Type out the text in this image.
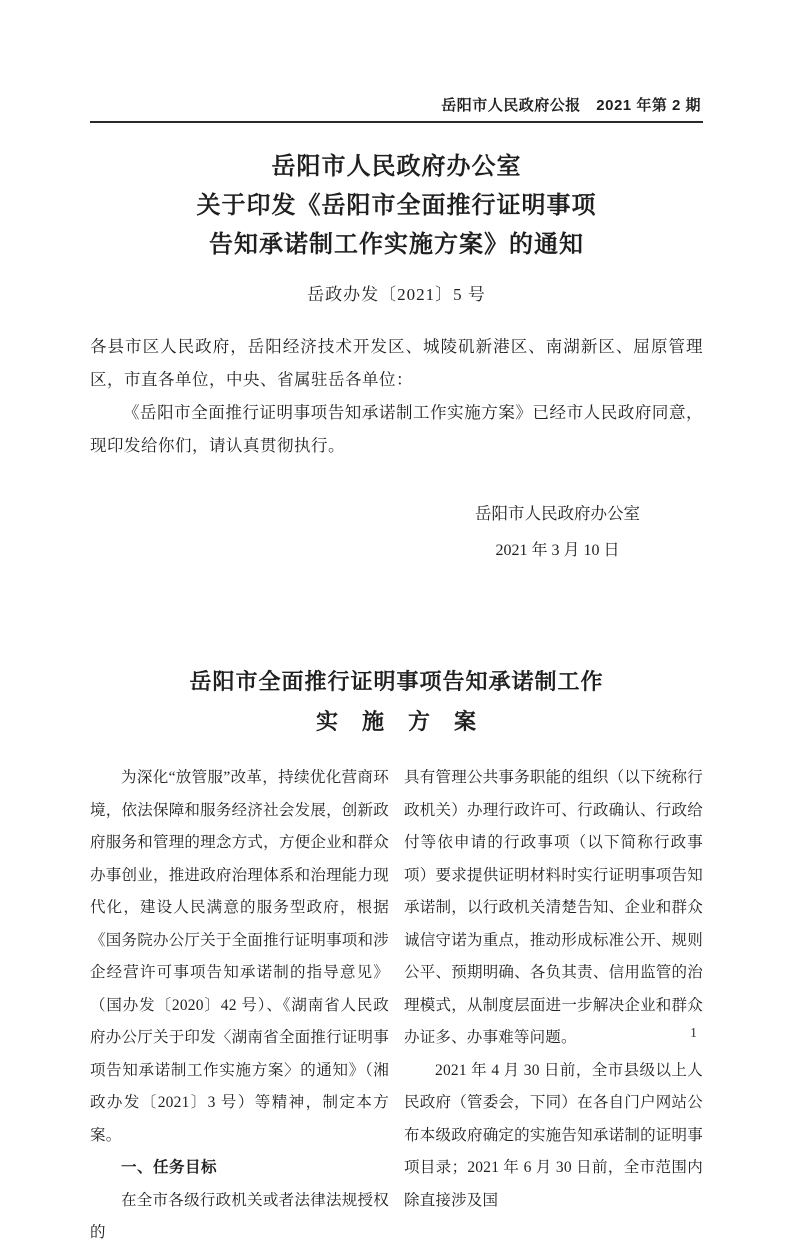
岳阳市人民政府公报　2021 年第 2 期
岳阳市人民政府办公室
关于印发《岳阳市全面推行证明事项
告知承诺制工作实施方案》的通知
岳政办发〔2021〕5 号

各县市区人民政府，岳阳经济技术开发区、城陵矶新港区、南湖新区、屈原管理区，市直各单位，中央、省属驻岳各单位：

《岳阳市全面推行证明事项告知承诺制工作实施方案》已经市人民政府同意，现印发给你们，请认真贯彻执行。

岳阳市人民政府办公室
2021 年 3 月 10 日
岳阳市全面推行证明事项告知承诺制工作
实　施　方　案

为深化“放管服”改革，持续优化营商环境，依法保障和服务经济社会发展，创新政府服务和管理的理念方式，方便企业和群众办事创业，推进政府治理体系和治理能力现代化，建设人民满意的服务型政府，根据《国务院办公厅关于全面推行证明事项和涉企经营许可事项告知承诺制的指导意见》（国办发〔2020〕42 号）、《湖南省人民政府办公厅关于印发〈湖南省全面推行证明事项告知承诺制工作实施方案〉的通知》（湘政办发〔2021〕3 号）等精神，制定本方案。

一、任务目标

在全市各级行政机关或者法律法规授权的

具有管理公共事务职能的组织（以下统称行政机关）办理行政许可、行政确认、行政给付等依申请的行政事项（以下简称行政事项）要求提供证明材料时实行证明事项告知承诺制，以行政机关清楚告知、企业和群众诚信守诺为重点，推动形成标准公开、规则公平、预期明确、各负其责、信用监管的治理模式，从制度层面进一步解决企业和群众办证多、办事难等问题。

2021 年 4 月 30 日前，全市县级以上人民政府（管委会，下同）在各自门户网站公布本级政府确定的实施告知承诺制的证明事项目录；2021 年 6 月 30 日前，全市范围内除直接涉及国

1
